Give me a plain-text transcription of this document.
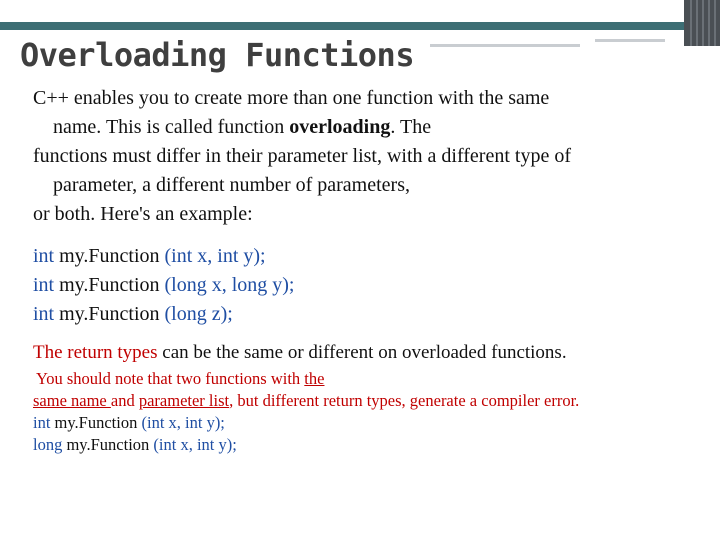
Overloading Functions

C++ enables you to create more than one function with the same

name. This is called function overloading. The

functions must differ in their parameter list, with a different type of

parameter, a different number of parameters,

or both. Here's an example:

int my.Function (int x, int y);
int my.Function (long x, long y);
int my.Function (long z);
The return types can be the same or different on overloaded functions.
You should note that two functions with the
same name and parameter list, but different return types, generate a compiler error.
int my.Function (int x, int y);
long my.Function (int x, int y);
